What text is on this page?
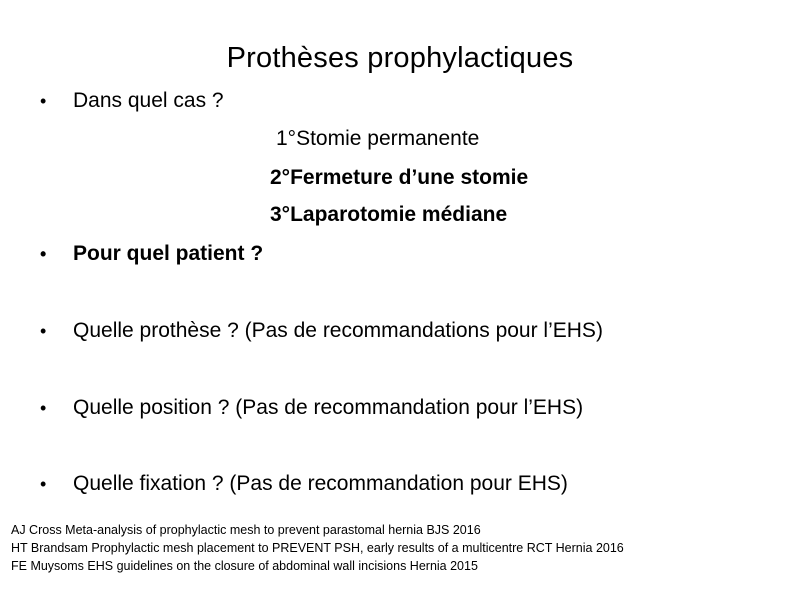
Prothèses prophylactiques
• Dans quel cas ?
1°Stomie permanente
2°Fermeture d’une stomie
3°Laparotomie médiane
• Pour quel patient ?
• Quelle prothèse ? (Pas de recommandations pour l’EHS)
• Quelle position ? (Pas de recommandation pour l’EHS)
• Quelle fixation ? (Pas de recommandation pour EHS)
AJ Cross Meta-analysis of prophylactic mesh to prevent parastomal hernia BJS 2016
HT Brandsam Prophylactic mesh placement to PREVENT PSH, early results of a multicentre RCT Hernia 2016
FE Muysoms EHS guidelines on the closure of abdominal wall incisions Hernia 2015
